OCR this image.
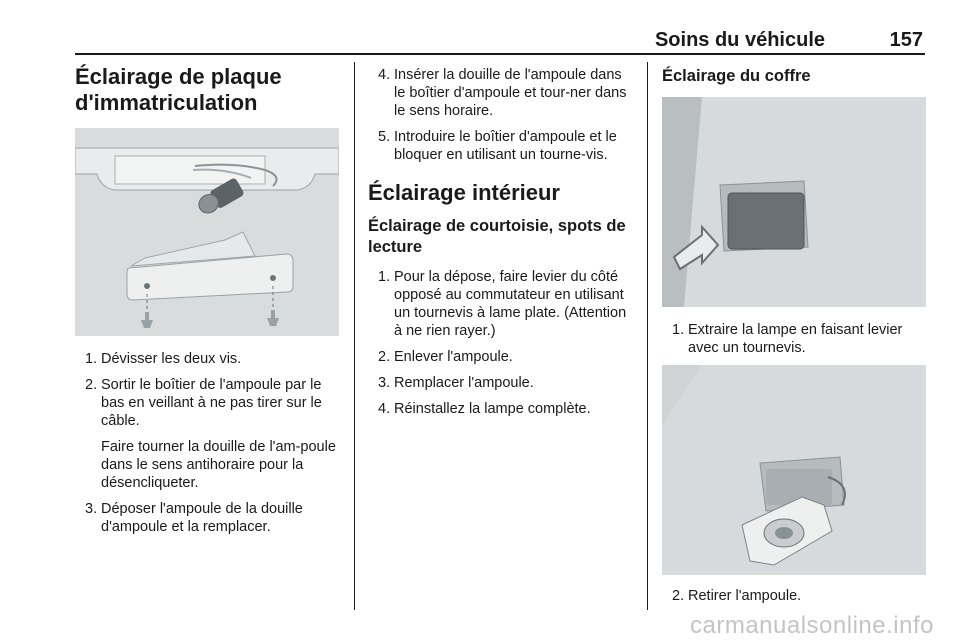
Soins du véhicule	157
Éclairage de plaque
d'immatriculation
1. Dévisser les deux vis.
2. Sortir le boîtier de l'ampoule par le bas en veillant à ne pas tirer sur le câble.
Faire tourner la douille de l'am-poule dans le sens antihoraire pour la désencliqueter.
3. Déposer l'ampoule de la douille d'ampoule et la remplacer.
4. Insérer la douille de l'ampoule dans le boîtier d'ampoule et tour-ner dans le sens horaire.
5. Introduire le boîtier d'ampoule et le bloquer en utilisant un tourne-vis.
Éclairage intérieur
Éclairage de courtoisie, spots de
lecture
1. Pour la dépose, faire levier du côté opposé au commutateur en utilisant un tournevis à lame plate. (Attention à ne rien rayer.)
2. Enlever l'ampoule.
3. Remplacer l'ampoule.
4. Réinstallez la lampe complète.
Éclairage du coffre
1. Extraire la lampe en faisant levier avec un tournevis.
2. Retirer l'ampoule.
carmanualsonline.info
